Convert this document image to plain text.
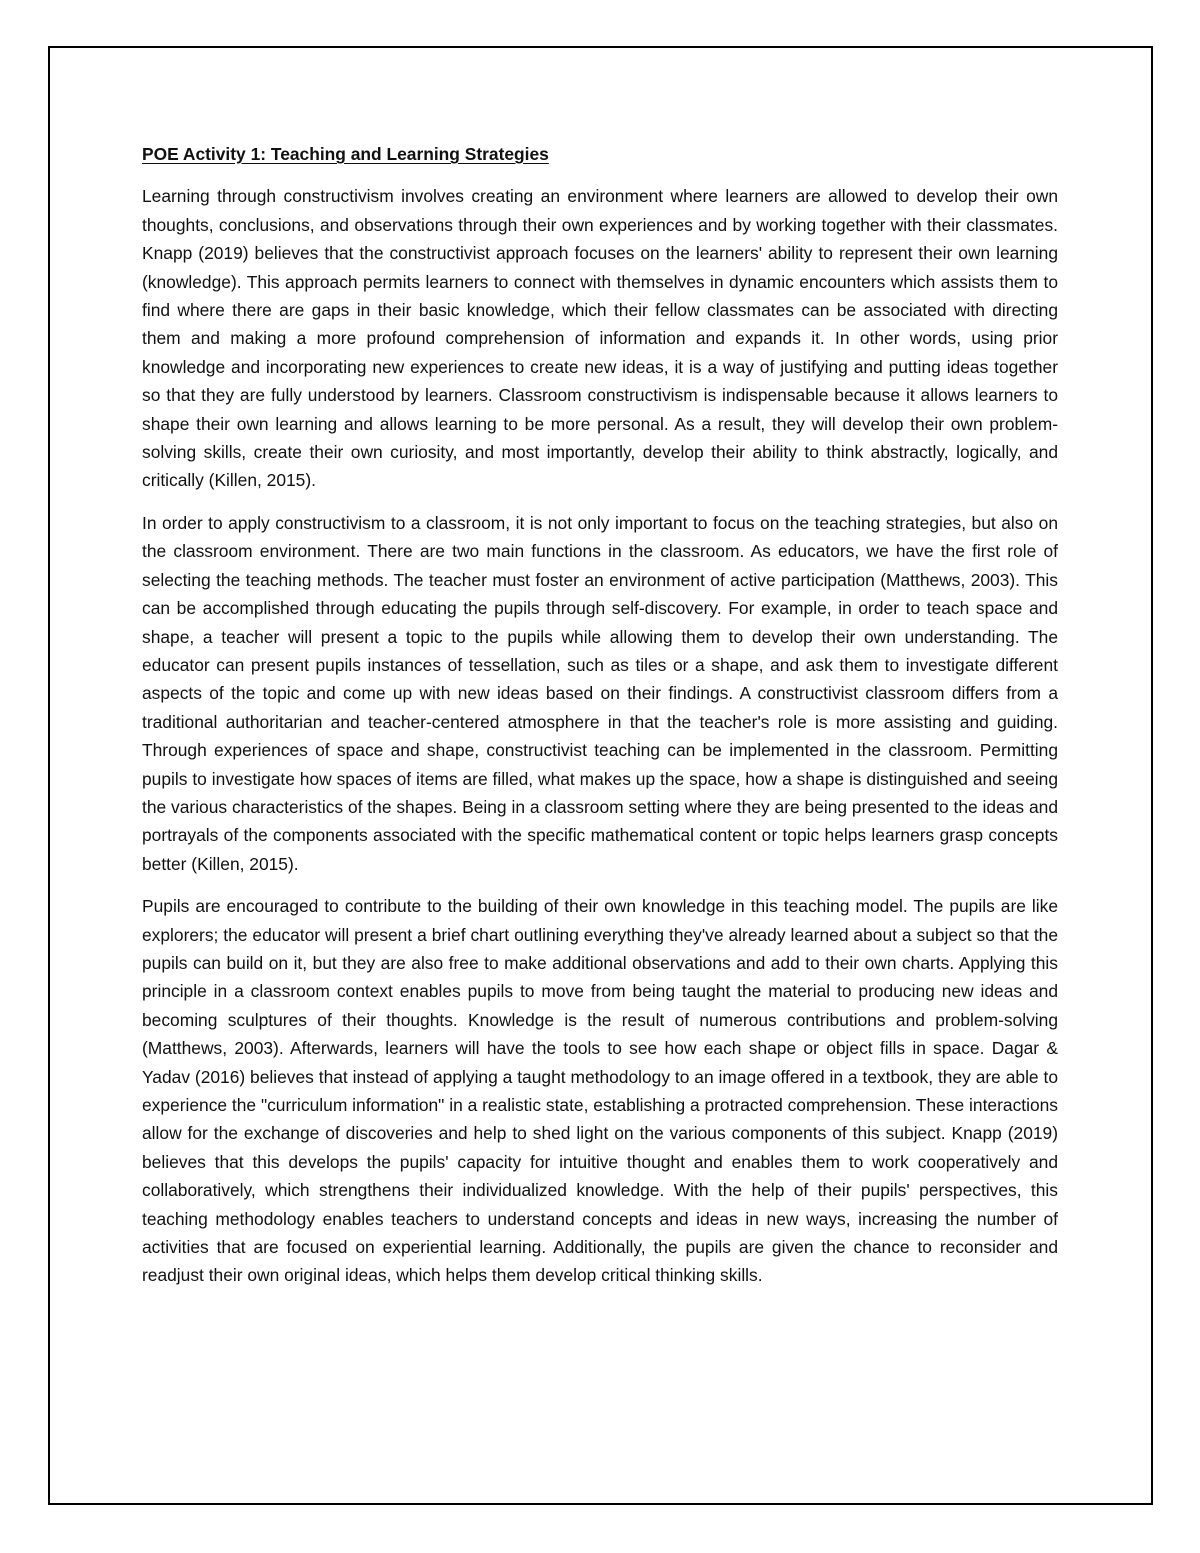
POE Activity 1: Teaching and Learning Strategies

Learning through constructivism involves creating an environment where learners are allowed to develop their own thoughts, conclusions, and observations through their own experiences and by working together with their classmates. Knapp (2019) believes that the constructivist approach focuses on the learners' ability to represent their own learning (knowledge). This approach permits learners to connect with themselves in dynamic encounters which assists them to find where there are gaps in their basic knowledge, which their fellow classmates can be associated with directing them and making a more profound comprehension of information and expands it. In other words, using prior knowledge and incorporating new experiences to create new ideas, it is a way of justifying and putting ideas together so that they are fully understood by learners. Classroom constructivism is indispensable because it allows learners to shape their own learning and allows learning to be more personal. As a result, they will develop their own problem-solving skills, create their own curiosity, and most importantly, develop their ability to think abstractly, logically, and critically (Killen, 2015).

In order to apply constructivism to a classroom, it is not only important to focus on the teaching strategies, but also on the classroom environment. There are two main functions in the classroom. As educators, we have the first role of selecting the teaching methods. The teacher must foster an environment of active participation (Matthews, 2003). This can be accomplished through educating the pupils through self-discovery. For example, in order to teach space and shape, a teacher will present a topic to the pupils while allowing them to develop their own understanding. The educator can present pupils instances of tessellation, such as tiles or a shape, and ask them to investigate different aspects of the topic and come up with new ideas based on their findings. A constructivist classroom differs from a traditional authoritarian and teacher-centered atmosphere in that the teacher's role is more assisting and guiding. Through experiences of space and shape, constructivist teaching can be implemented in the classroom. Permitting pupils to investigate how spaces of items are filled, what makes up the space, how a shape is distinguished and seeing the various characteristics of the shapes. Being in a classroom setting where they are being presented to the ideas and portrayals of the components associated with the specific mathematical content or topic helps learners grasp concepts better (Killen, 2015).

Pupils are encouraged to contribute to the building of their own knowledge in this teaching model. The pupils are like explorers; the educator will present a brief chart outlining everything they've already learned about a subject so that the pupils can build on it, but they are also free to make additional observations and add to their own charts. Applying this principle in a classroom context enables pupils to move from being taught the material to producing new ideas and becoming sculptures of their thoughts. Knowledge is the result of numerous contributions and problem-solving (Matthews, 2003). Afterwards, learners will have the tools to see how each shape or object fills in space. Dagar & Yadav (2016) believes that instead of applying a taught methodology to an image offered in a textbook, they are able to experience the "curriculum information" in a realistic state, establishing a protracted comprehension. These interactions allow for the exchange of discoveries and help to shed light on the various components of this subject. Knapp (2019) believes that this develops the pupils' capacity for intuitive thought and enables them to work cooperatively and collaboratively, which strengthens their individualized knowledge. With the help of their pupils' perspectives, this teaching methodology enables teachers to understand concepts and ideas in new ways, increasing the number of activities that are focused on experiential learning. Additionally, the pupils are given the chance to reconsider and readjust their own original ideas, which helps them develop critical thinking skills.
